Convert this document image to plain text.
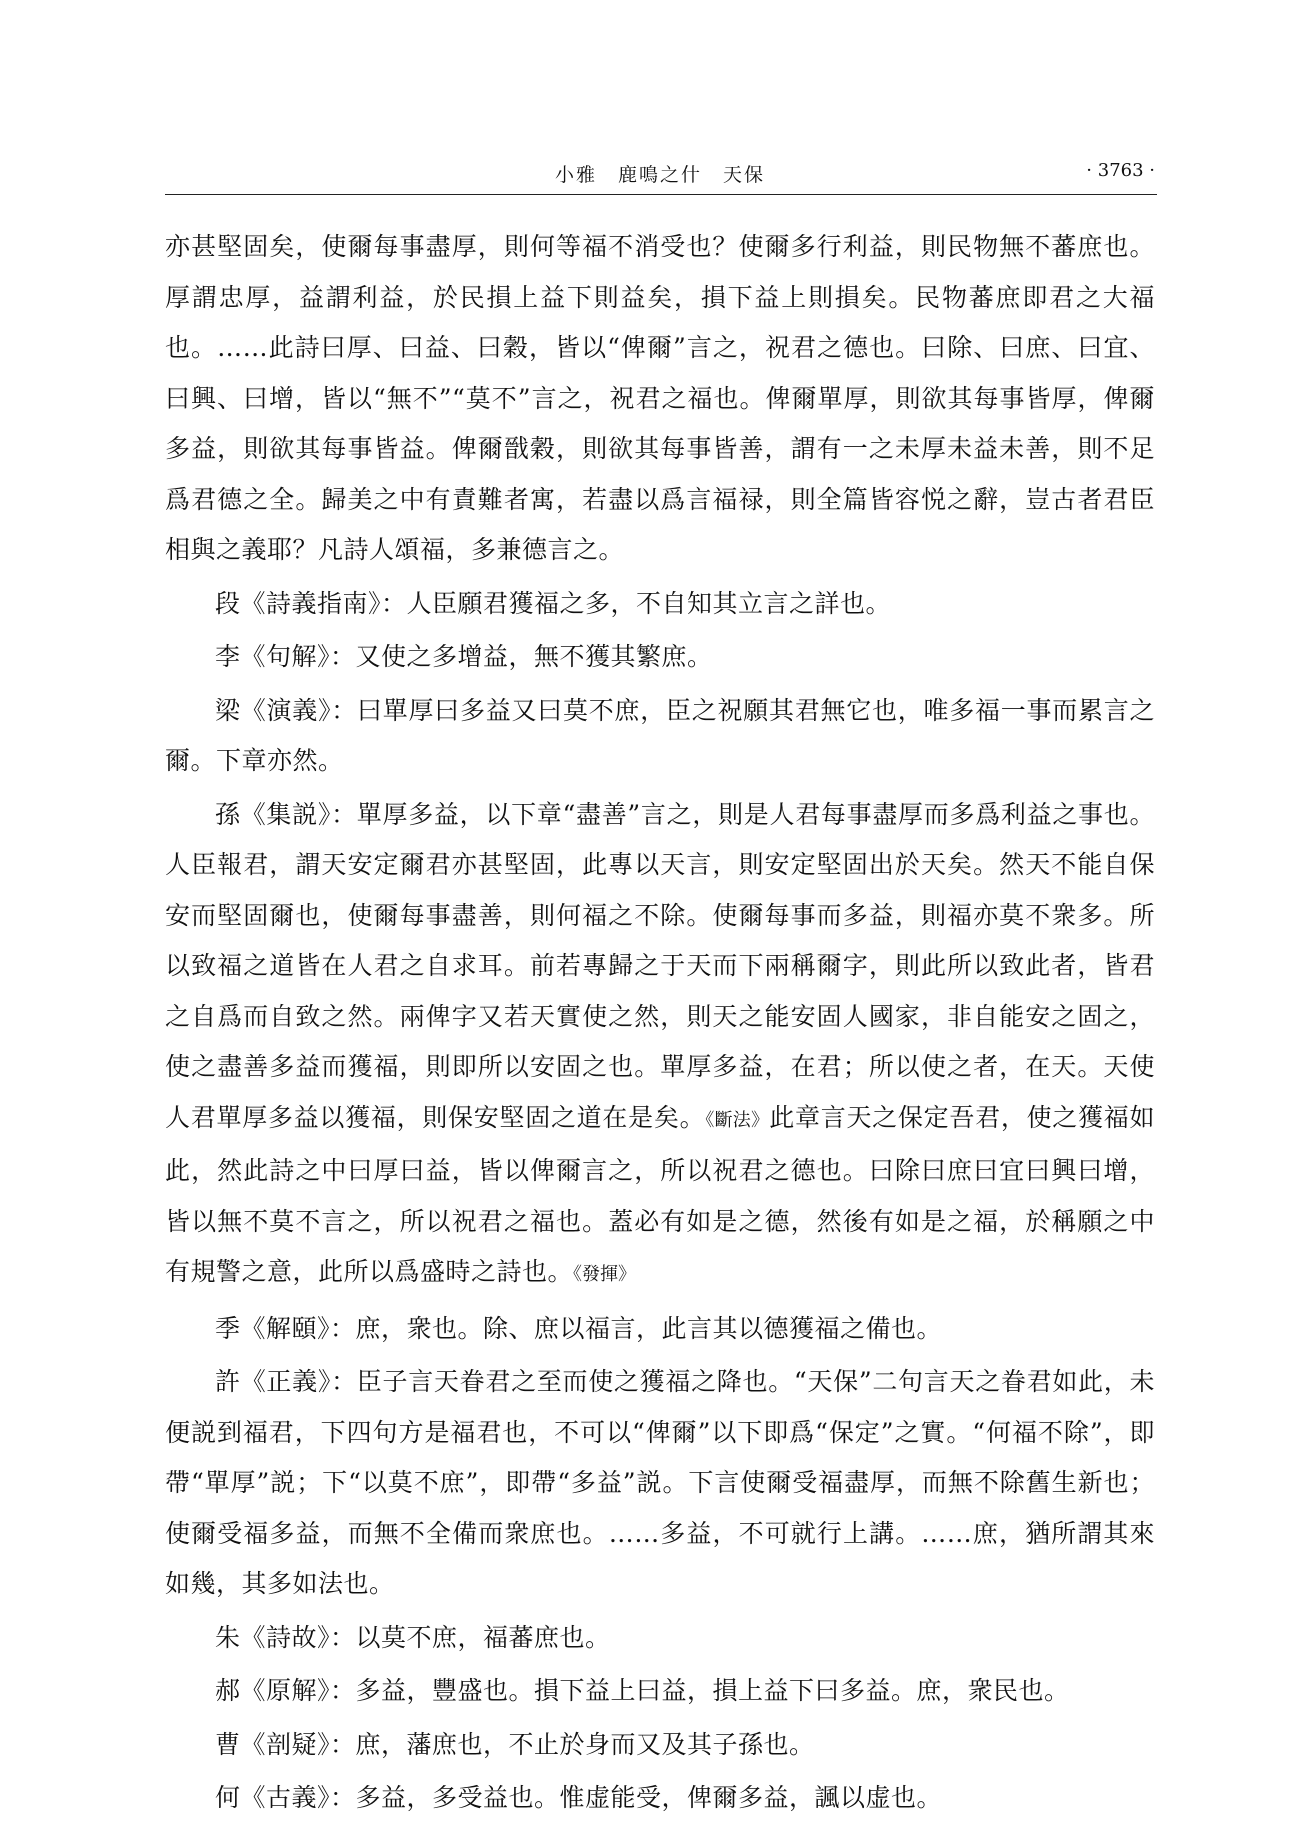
小雅　鹿鳴之什　天保	· 3763 ·

亦甚堅固矣，使爾每事盡厚，則何等福不消受也？使爾多行利益，則民物無不蕃庶也。厚謂忠厚，益謂利益，於民損上益下則益矣，損下益上則損矣。民物蕃庶即君之大福也。……此詩曰厚、曰益、曰穀，皆以“俾爾”言之，祝君之德也。曰除、曰庶、曰宜、曰興、曰增，皆以“無不”“莫不”言之，祝君之福也。俾爾單厚，則欲其每事皆厚，俾爾多益，則欲其每事皆益。俾爾戩穀，則欲其每事皆善，謂有一之未厚未益未善，則不足爲君德之全。歸美之中有責難者寓，若盡以爲言福禄，則全篇皆容悦之辭，豈古者君臣相與之義耶？凡詩人頌福，多兼德言之。

段《詩義指南》：人臣願君獲福之多，不自知其立言之詳也。

李《句解》：又使之多增益，無不獲其繁庶。

梁《演義》：曰單厚曰多益又曰莫不庶，臣之祝願其君無它也，唯多福一事而累言之爾。下章亦然。

孫《集説》：單厚多益，以下章“盡善”言之，則是人君每事盡厚而多爲利益之事也。人臣報君，謂天安定爾君亦甚堅固，此專以天言，則安定堅固出於天矣。然天不能自保安而堅固爾也，使爾每事盡善，則何福之不除。使爾每事而多益，則福亦莫不衆多。所以致福之道皆在人君之自求耳。前若專歸之于天而下兩稱爾字，則此所以致此者，皆君之自爲而自致之然。兩俾字又若天實使之然，則天之能安固人國家，非自能安之固之，使之盡善多益而獲福，則即所以安固之也。單厚多益，在君；所以使之者，在天。天使人君單厚多益以獲福，則保安堅固之道在是矣。《斷法》此章言天之保定吾君，使之獲福如此，然此詩之中曰厚曰益，皆以俾爾言之，所以祝君之德也。曰除曰庶曰宜曰興曰增，皆以無不莫不言之，所以祝君之福也。蓋必有如是之德，然後有如是之福，於稱願之中有規警之意，此所以爲盛時之詩也。《發揮》

季《解頤》：庶，衆也。除、庶以福言，此言其以德獲福之備也。

許《正義》：臣子言天眷君之至而使之獲福之降也。“天保”二句言天之眷君如此，未便説到福君，下四句方是福君也，不可以“俾爾”以下即爲“保定”之實。“何福不除”，即帶“單厚”説；下“以莫不庶”，即帶“多益”説。下言使爾受福盡厚，而無不除舊生新也；使爾受福多益，而無不全備而衆庶也。……多益，不可就行上講。……庶，猶所謂其來如幾，其多如法也。

朱《詩故》：以莫不庶，福蕃庶也。

郝《原解》：多益，豐盛也。損下益上曰益，損上益下曰多益。庶，衆民也。

曹《剖疑》：庶，藩庶也，不止於身而又及其子孫也。

何《古義》：多益，多受益也。惟虚能受，俾爾多益，諷以虚也。
